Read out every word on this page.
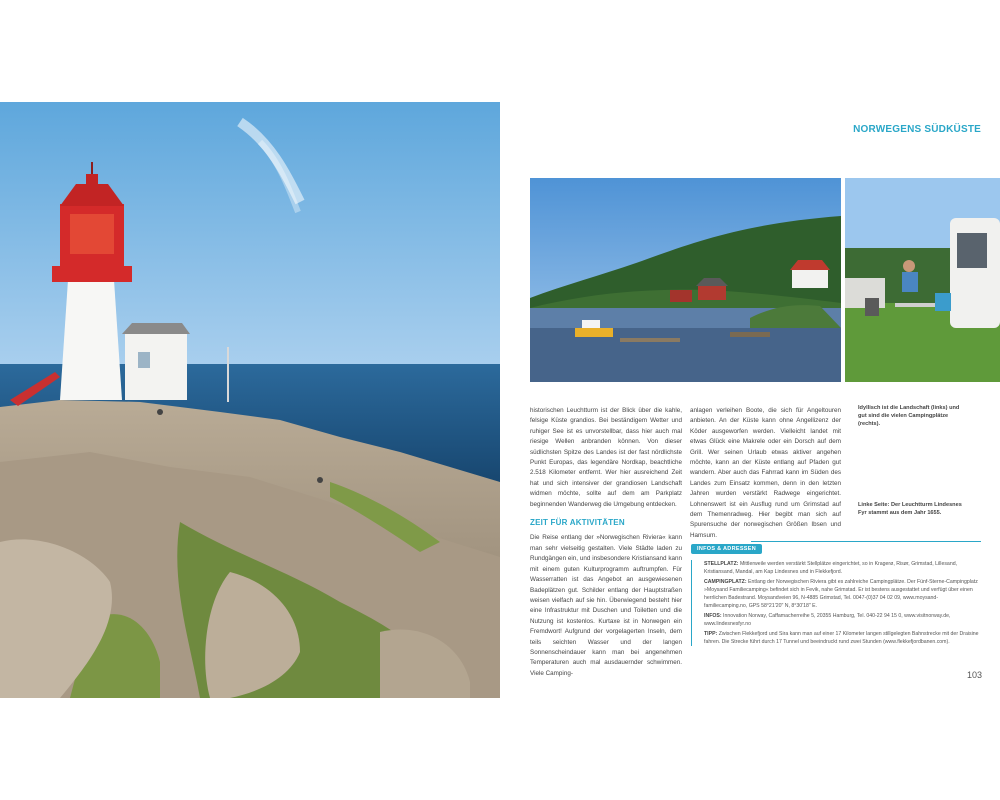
NORWEGENS SÜDKÜSTE

historischen Leuchtturm ist der Blick über die kahle, felsige Küste grandios. Bei beständigem Wetter und ruhiger See ist es unvorstellbar, dass hier auch mal riesige Wellen anbranden können. Von dieser südlichsten Spitze des Landes ist der fast nördlichste Punkt Europas, das legendäre Nordkap, beachtliche 2.518 Kilometer entfernt. Wer hier ausreichend Zeit hat und sich intensiver der grandiosen Landschaft widmen möchte, sollte auf dem am Parkplatz beginnenden Wanderweg die Umgebung entdecken.

ZEIT FÜR AKTIVITÄTEN

Die Reise entlang der »Norwegischen Riviera« kann man sehr vielseitig gestalten. Viele Städte laden zu Rundgängen ein, und insbesondere Kristiansand kann mit einem guten Kulturprogramm auftrumpfen. Für Wasserratten ist das Angebot an ausgewiesenen Badeplätzen gut. Schilder entlang der Hauptstraßen weisen vielfach auf sie hin. Überwiegend besteht hier eine Infrastruktur mit Duschen und Toiletten und die Nutzung ist kostenlos. Kurtaxe ist in Norwegen ein Fremdwort! Aufgrund der vorgelagerten Inseln, dem teils seichten Wasser und der langen Sonnenscheindauer kann man bei angenehmen Temperaturen auch mal ausdauernder schwimmen. Viele Camping-

anlagen verleihen Boote, die sich für Angeltouren anbieten. An der Küste kann ohne Angellizenz der Köder ausgeworfen werden. Vielleicht landet mit etwas Glück eine Makrele oder ein Dorsch auf dem Grill. Wer seinen Urlaub etwas aktiver angehen möchte, kann an der Küste entlang auf Pfaden gut wandern. Aber auch das Fahrrad kann im Süden des Landes zum Einsatz kommen, denn in den letzten Jahren wurden verstärkt Radwege eingerichtet. Lohnenswert ist ein Ausflug rund um Grimstad auf dem Themenradweg. Hier begibt man sich auf Spurensuche der norwegischen Größen Ibsen und Hamsum.

Idyllisch ist die Landschaft (links) und gut sind die vielen Campingplätze (rechts).
Linke Seite: Der Leuchtturm Lindesnes Fyr stammt aus dem Jahr 1655.
INFOS & ADRESSEN
STELLPLATZ: Mittlerweile werden verstärkt Stellplätze eingerichtet, so in Kragerø, Risør, Grimstad, Lillesand, Kristiansand, Mandal, am Kap Lindesnes und in Flekkefjord.
CAMPINGPLATZ: Entlang der Norwegischen Riviera gibt es zahlreiche Campingplätze. Der Fünf-Sterne-Campingplatz »Moysand Familiecamping« befindet sich in Fevik, nahe Grimstad. Er ist bestens ausgestattet und verfügt über einen herrlichen Badestrand. Moysandveien 96, N-4885 Grimstad, Tel. 0047-(0)37 04 02 09, www.moysand-familiecamping.no, GPS 58°21'20" N, 8°30'18" E.
INFOS: Innovation Norway, Caffamacherreihe 5, 20355 Hamburg, Tel. 040-22 94 15 0, www.visitnorway.de, www.lindesnesfyr.no
TIPP: Zwischen Flekkefjord und Sira kann man auf einer 17 Kilometer langen stillgelegten Bahnstrecke mit der Draisine fahren. Die Strecke führt durch 17 Tunnel und beeindruckt rund zwei Stunden (www.flekkefjordbanen.com).
103
